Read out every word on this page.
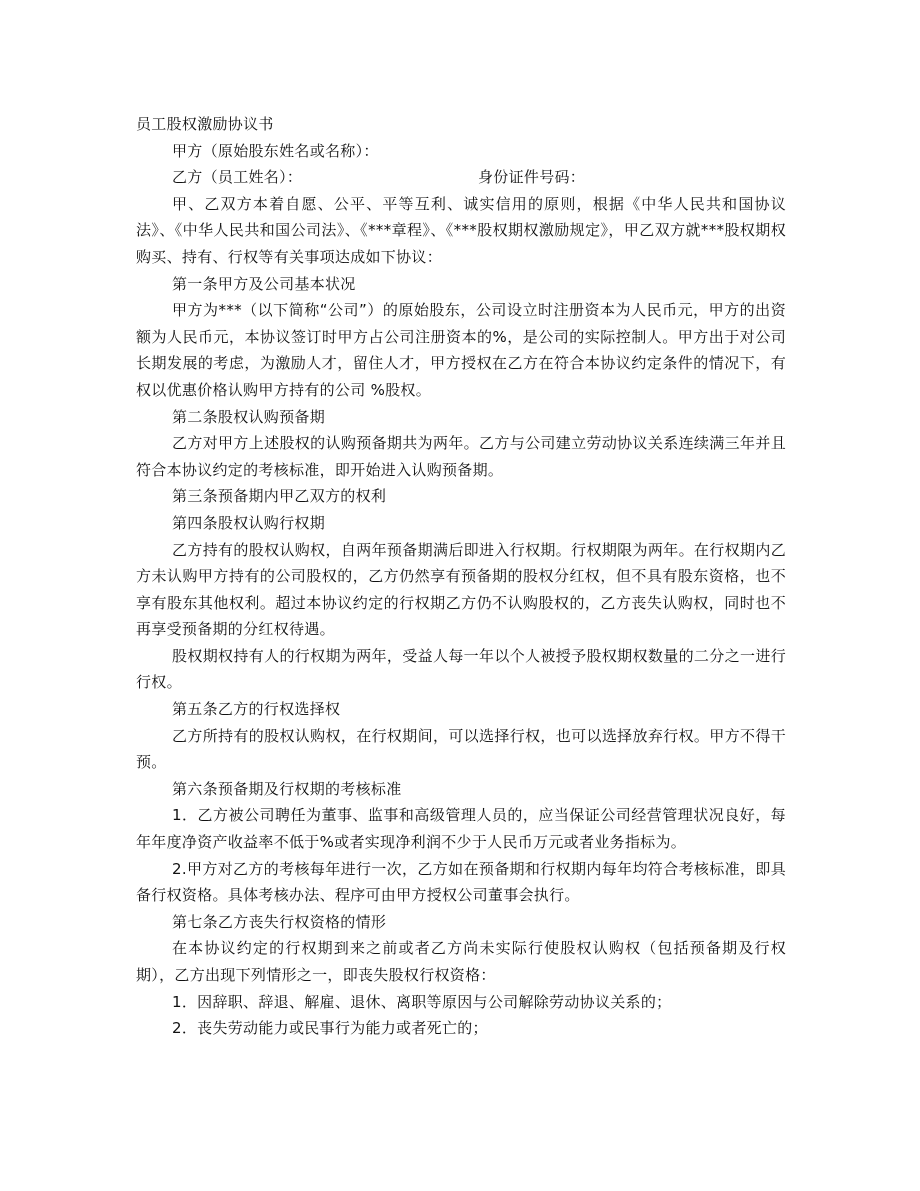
员工股权激励协议书

甲方（原始股东姓名或名称）：

乙方（员工姓名）：	身份证件号码：

甲、乙双方本着自愿、公平、平等互利、诚实信用的原则，根据《中华人民共和国协议法》、《中华人民共和国公司法》、《***章程》、《***股权期权激励规定》，甲乙双方就***股权期权购买、持有、行权等有关事项达成如下协议：

第一条甲方及公司基本状况

甲方为***（以下简称“公司”）的原始股东，公司设立时注册资本为人民币元，甲方的出资额为人民币元，本协议签订时甲方占公司注册资本的%，是公司的实际控制人。甲方出于对公司长期发展的考虑，为激励人才，留住人才，甲方授权在乙方在符合本协议约定条件的情况下，有权以优惠价格认购甲方持有的公司 %股权。

第二条股权认购预备期

乙方对甲方上述股权的认购预备期共为两年。乙方与公司建立劳动协议关系连续满三年并且符合本协议约定的考核标准，即开始进入认购预备期。

第三条预备期内甲乙双方的权利

第四条股权认购行权期

乙方持有的股权认购权，自两年预备期满后即进入行权期。行权期限为两年。在行权期内乙方未认购甲方持有的公司股权的，乙方仍然享有预备期的股权分红权，但不具有股东资格，也不享有股东其他权利。超过本协议约定的行权期乙方仍不认购股权的，乙方丧失认购权，同时也不再享受预备期的分红权待遇。

股权期权持有人的行权期为两年，受益人每一年以个人被授予股权期权数量的二分之一进行行权。

第五条乙方的行权选择权

乙方所持有的股权认购权，在行权期间，可以选择行权，也可以选择放弃行权。甲方不得干预。

第六条预备期及行权期的考核标准

1．乙方被公司聘任为董事、监事和高级管理人员的，应当保证公司经营管理状况良好，每年年度净资产收益率不低于%或者实现净利润不少于人民币万元或者业务指标为。

2.甲方对乙方的考核每年进行一次，乙方如在预备期和行权期内每年均符合考核标准，即具备行权资格。具体考核办法、程序可由甲方授权公司董事会执行。

第七条乙方丧失行权资格的情形

在本协议约定的行权期到来之前或者乙方尚未实际行使股权认购权（包括预备期及行权期），乙方出现下列情形之一，即丧失股权行权资格：

1．因辞职、辞退、解雇、退休、离职等原因与公司解除劳动协议关系的；

2．丧失劳动能力或民事行为能力或者死亡的；
